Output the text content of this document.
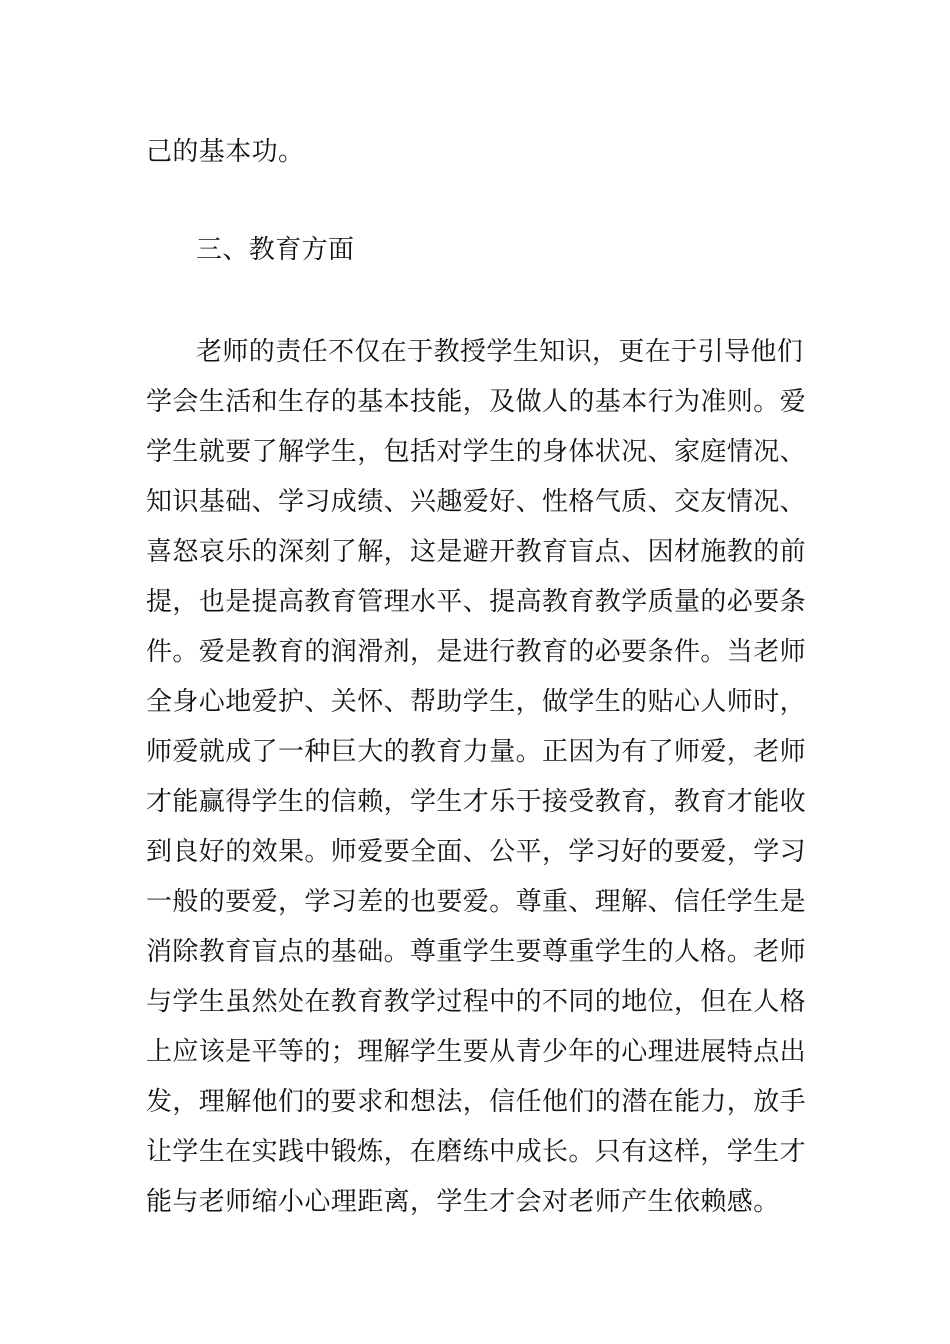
己的基本功。
三、教育方面
老师的责任不仅在于教授学生知识，更在于引导他们
学会生活和生存的基本技能，及做人的基本行为准则。爱
学生就要了解学生，包括对学生的身体状况、家庭情况、
知识基础、学习成绩、兴趣爱好、性格气质、交友情况、
喜怒哀乐的深刻了解，这是避开教育盲点、因材施教的前
提，也是提高教育管理水平、提高教育教学质量的必要条
件。爱是教育的润滑剂，是进行教育的必要条件。当老师
全身心地爱护、关怀、帮助学生，做学生的贴心人师时，
师爱就成了一种巨大的教育力量。正因为有了师爱，老师
才能赢得学生的信赖，学生才乐于接受教育，教育才能收
到良好的效果。师爱要全面、公平，学习好的要爱，学习
一般的要爱，学习差的也要爱。尊重、理解、信任学生是
消除教育盲点的基础。尊重学生要尊重学生的人格。老师
与学生虽然处在教育教学过程中的不同的地位，但在人格
上应该是平等的；理解学生要从青少年的心理进展特点出
发，理解他们的要求和想法，信任他们的潜在能力，放手
让学生在实践中锻炼，在磨练中成长。只有这样，学生才
能与老师缩小心理距离，学生才会对老师产生依赖感。
